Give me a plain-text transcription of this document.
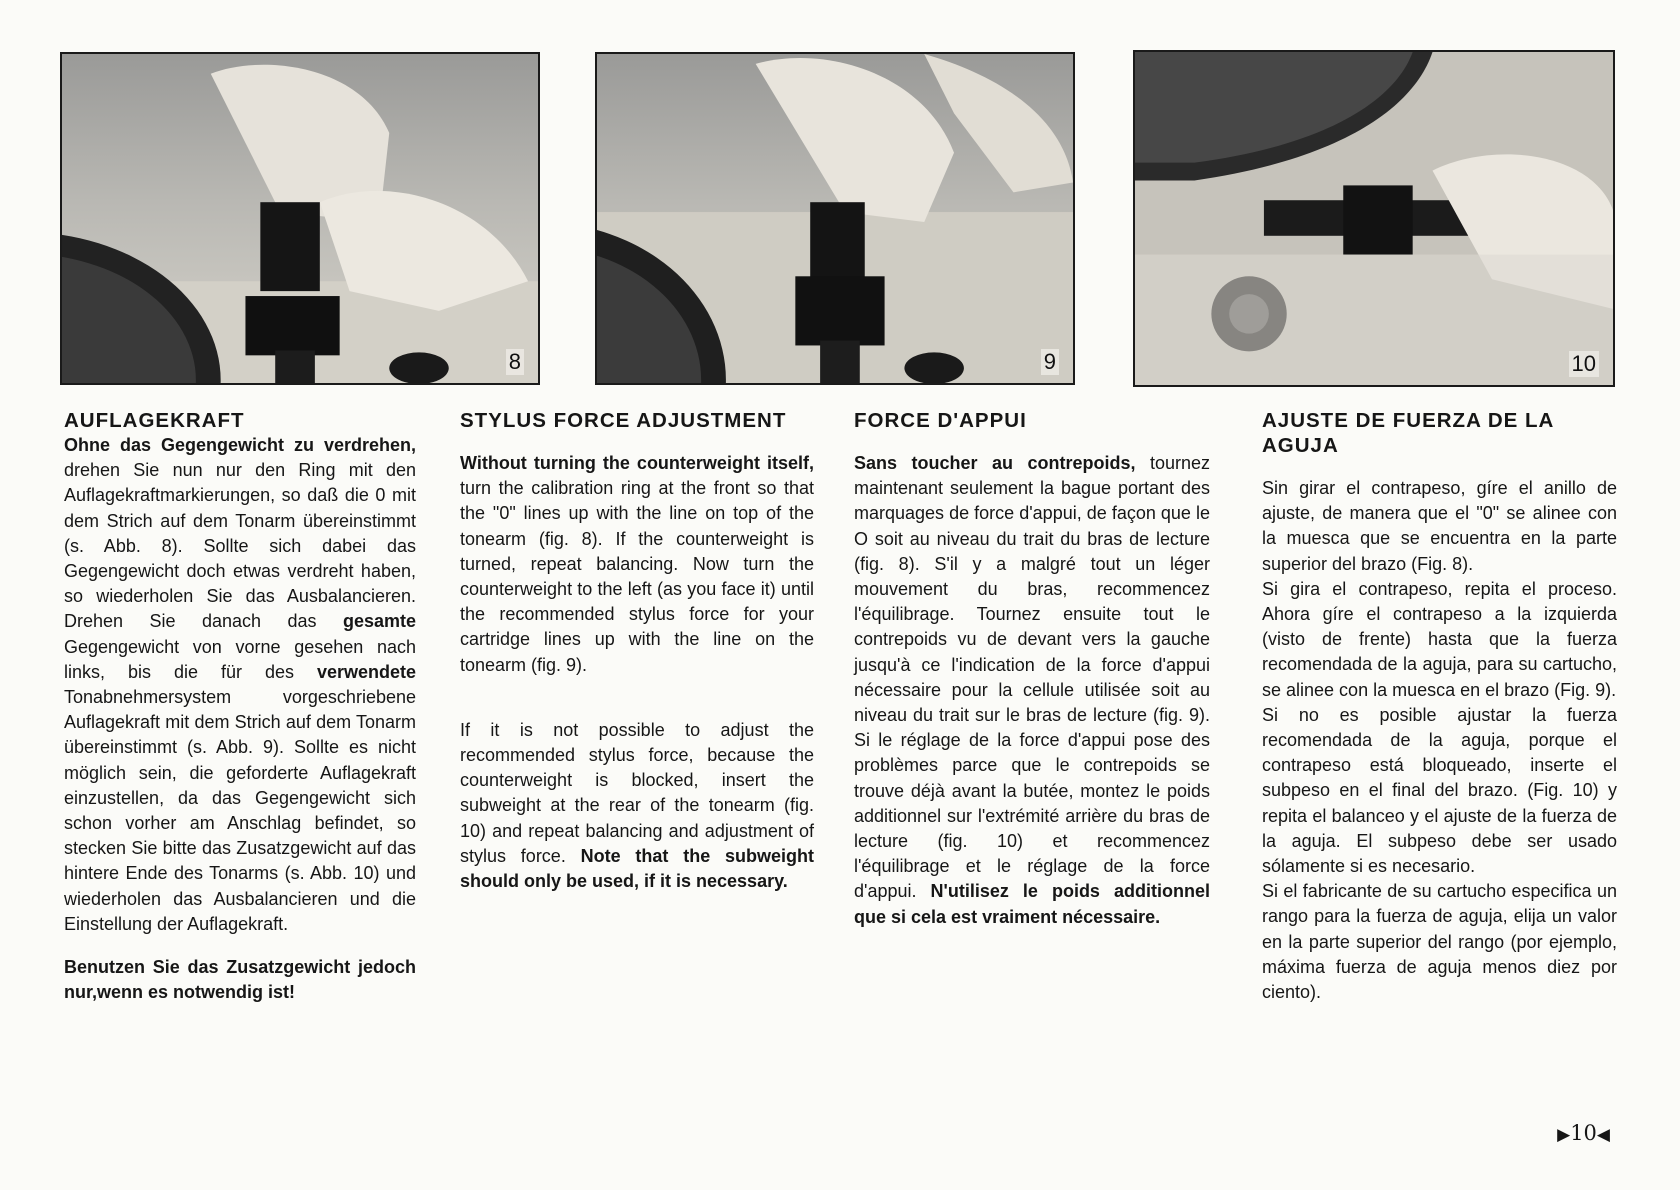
8	9	10
AUFLAGEKRAFT

Ohne das Gegengewicht zu verdrehen, drehen Sie nun nur den Ring mit den Auflagekraftmarkierungen, so daß die 0 mit dem Strich auf dem Tonarm übereinstimmt (s. Abb. 8). Sollte sich dabei das Gegengewicht doch etwas verdreht haben, so wiederholen Sie das Ausbalancieren. Drehen Sie danach das gesamte Gegengewicht von vorne gesehen nach links, bis die für des verwendete Tonabnehmersystem vorgeschriebene Auflagekraft mit dem Strich auf dem Tonarm übereinstimmt (s. Abb. 9). Sollte es nicht möglich sein, die geforderte Auflagekraft einzustellen, da das Gegengewicht sich schon vorher am Anschlag befindet, so stecken Sie bitte das Zusatzgewicht auf das hintere Ende des Tonarms (s. Abb. 10) und wiederholen das Ausbalancieren und die Einstellung der Auflagekraft.

Benutzen Sie das Zusatzgewicht jedoch nur,wenn es notwendig ist!

STYLUS FORCE ADJUSTMENT

Without turning the counterweight itself, turn the calibration ring at the front so that the "0" lines up with the line on top of the tonearm (fig. 8). If the counterweight is turned, repeat balancing. Now turn the counterweight to the left (as you face it) until the recommended stylus force for your cartridge lines up with the line on the tonearm (fig. 9).

If it is not possible to adjust the recommended stylus force, because the counterweight is blocked, insert the subweight at the rear of the tonearm (fig. 10) and repeat balancing and adjustment of stylus force. Note that the subweight should only be used, if it is necessary.

FORCE D'APPUI

Sans toucher au contrepoids, tournez maintenant seulement la bague portant des marquages de force d'appui, de façon que le O soit au niveau du trait du bras de lecture (fig. 8). S'il y a malgré tout un léger mouvement du bras, recommencez l'équilibrage. Tournez ensuite tout le contrepoids vu de devant vers la gauche jusqu'à ce l'indication de la force d'appui nécessaire pour la cellule utilisée soit au niveau du trait sur le bras de lecture (fig. 9). Si le réglage de la force d'appui pose des problèmes parce que le contrepoids se trouve déjà avant la butée, montez le poids additionnel sur l'extrémité arrière du bras de lecture (fig. 10) et recommencez l'équilibrage et le réglage de la force d'appui. N'utilisez le poids additionnel que si cela est vraiment nécessaire.

AJUSTE DE FUERZA DE LA AGUJA

Sin girar el contrapeso, gíre el anillo de ajuste, de manera que el "0" se alinee con la muesca que se encuentra en la parte superior del brazo (Fig. 8).

Si gira el contrapeso, repita el proceso. Ahora gíre el contrapeso a la izquierda (visto de frente) hasta que la fuerza recomendada de la aguja, para su cartucho, se alinee con la muesca en el brazo (Fig. 9).

Si no es posible ajustar la fuerza recomendada de la aguja, porque el contrapeso está bloqueado, inserte el subpeso en el final del brazo. (Fig. 10) y repita el balanceo y el ajuste de la fuerza de la aguja. El subpeso debe ser usado sólamente si es necesario.

Si el fabricante de su cartucho especifica un rango para la fuerza de aguja, elija un valor en la parte superior del rango (por ejemplo, máxima fuerza de aguja menos diez por ciento).

▶10◀
